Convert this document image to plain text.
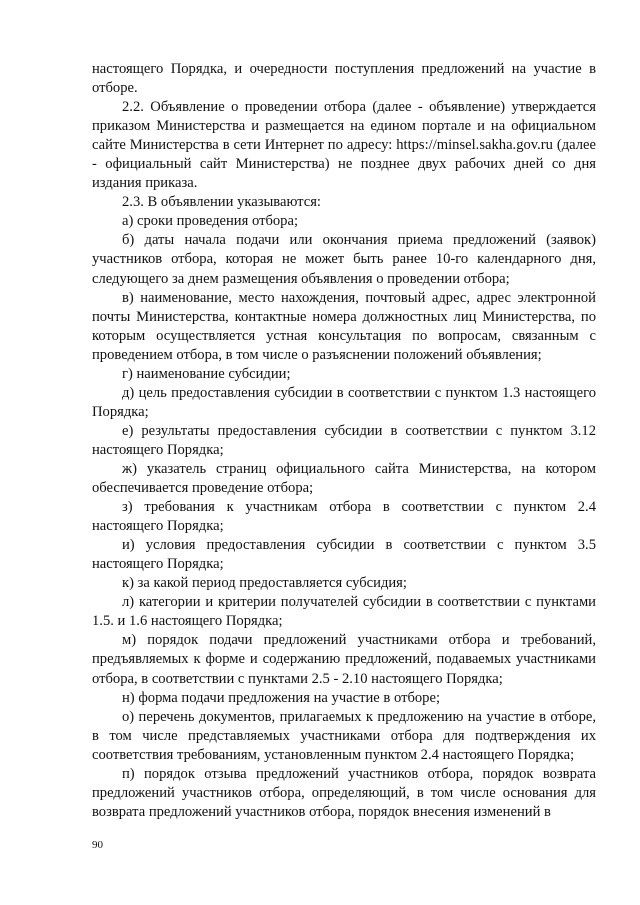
настоящего Порядка, и очередности поступления предложений на участие в отборе.

2.2. Объявление о проведении отбора (далее - объявление) утверждается приказом Министерства и размещается на едином портале и на официальном сайте Министерства в сети Интернет по адресу: https://minsel.sakha.gov.ru (далее - официальный сайт Министерства) не позднее двух рабочих дней со дня издания приказа.

2.3. В объявлении указываются:

а) сроки проведения отбора;

б) даты начала подачи или окончания приема предложений (заявок) участников отбора, которая не может быть ранее 10-го календарного дня, следующего за днем размещения объявления о проведении отбора;

в) наименование, место нахождения, почтовый адрес, адрес электронной почты Министерства, контактные номера должностных лиц Министерства, по которым осуществляется устная консультация по вопросам, связанным с проведением отбора, в том числе о разъяснении положений объявления;

г) наименование субсидии;

д) цель предоставления субсидии в соответствии с пунктом 1.3 настоящего Порядка;

е) результаты предоставления субсидии в соответствии с пунктом 3.12 настоящего Порядка;

ж) указатель страниц официального сайта Министерства, на котором обеспечивается проведение отбора;

з) требования к участникам отбора в соответствии с пунктом 2.4 настоящего Порядка;

и) условия предоставления субсидии в соответствии с пунктом 3.5 настоящего Порядка;

к) за какой период предоставляется субсидия;

л) категории и критерии получателей субсидии в соответствии с пунктами 1.5. и 1.6 настоящего Порядка;

м) порядок подачи предложений участниками отбора и требований, предъявляемых к форме и содержанию предложений, подаваемых участниками отбора, в соответствии с пунктами 2.5 - 2.10 настоящего Порядка;

н) форма подачи предложения на участие в отборе;

о) перечень документов, прилагаемых к предложению на участие в отборе, в том числе представляемых участниками отбора для подтверждения их соответствия требованиям, установленным пунктом 2.4 настоящего Порядка;

п) порядок отзыва предложений участников отбора, порядок возврата предложений участников отбора, определяющий, в том числе основания для возврата предложений участников отбора, порядок внесения изменений в

90
